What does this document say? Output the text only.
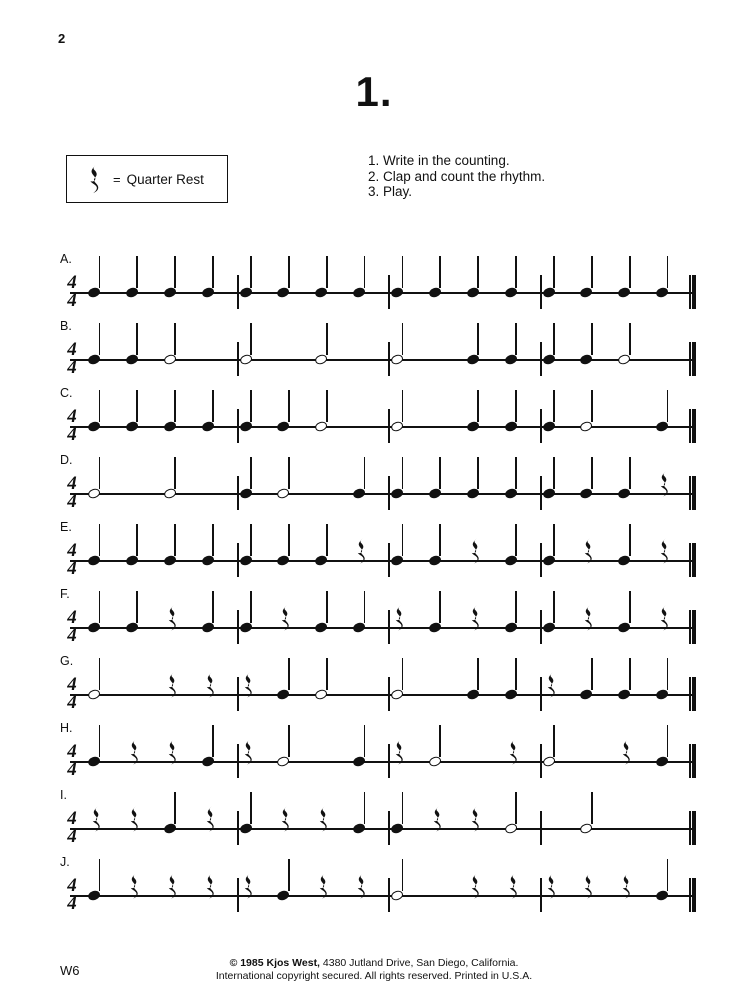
2
1.
= Quarter Rest
1. Write in the counting.
2. Clap and count the rhythm.
3. Play.
A.
4
4
B.
4
4
C.
4
4
D.
4
4
E.
4
4
F.
4
4
G.
4
4
H.
4
4
I.
4
4
J.
4
4
W6	© 1985 Kjos West, 4380 Jutland Drive, San Diego, California.
International copyright secured. All rights reserved. Printed in U.S.A.
